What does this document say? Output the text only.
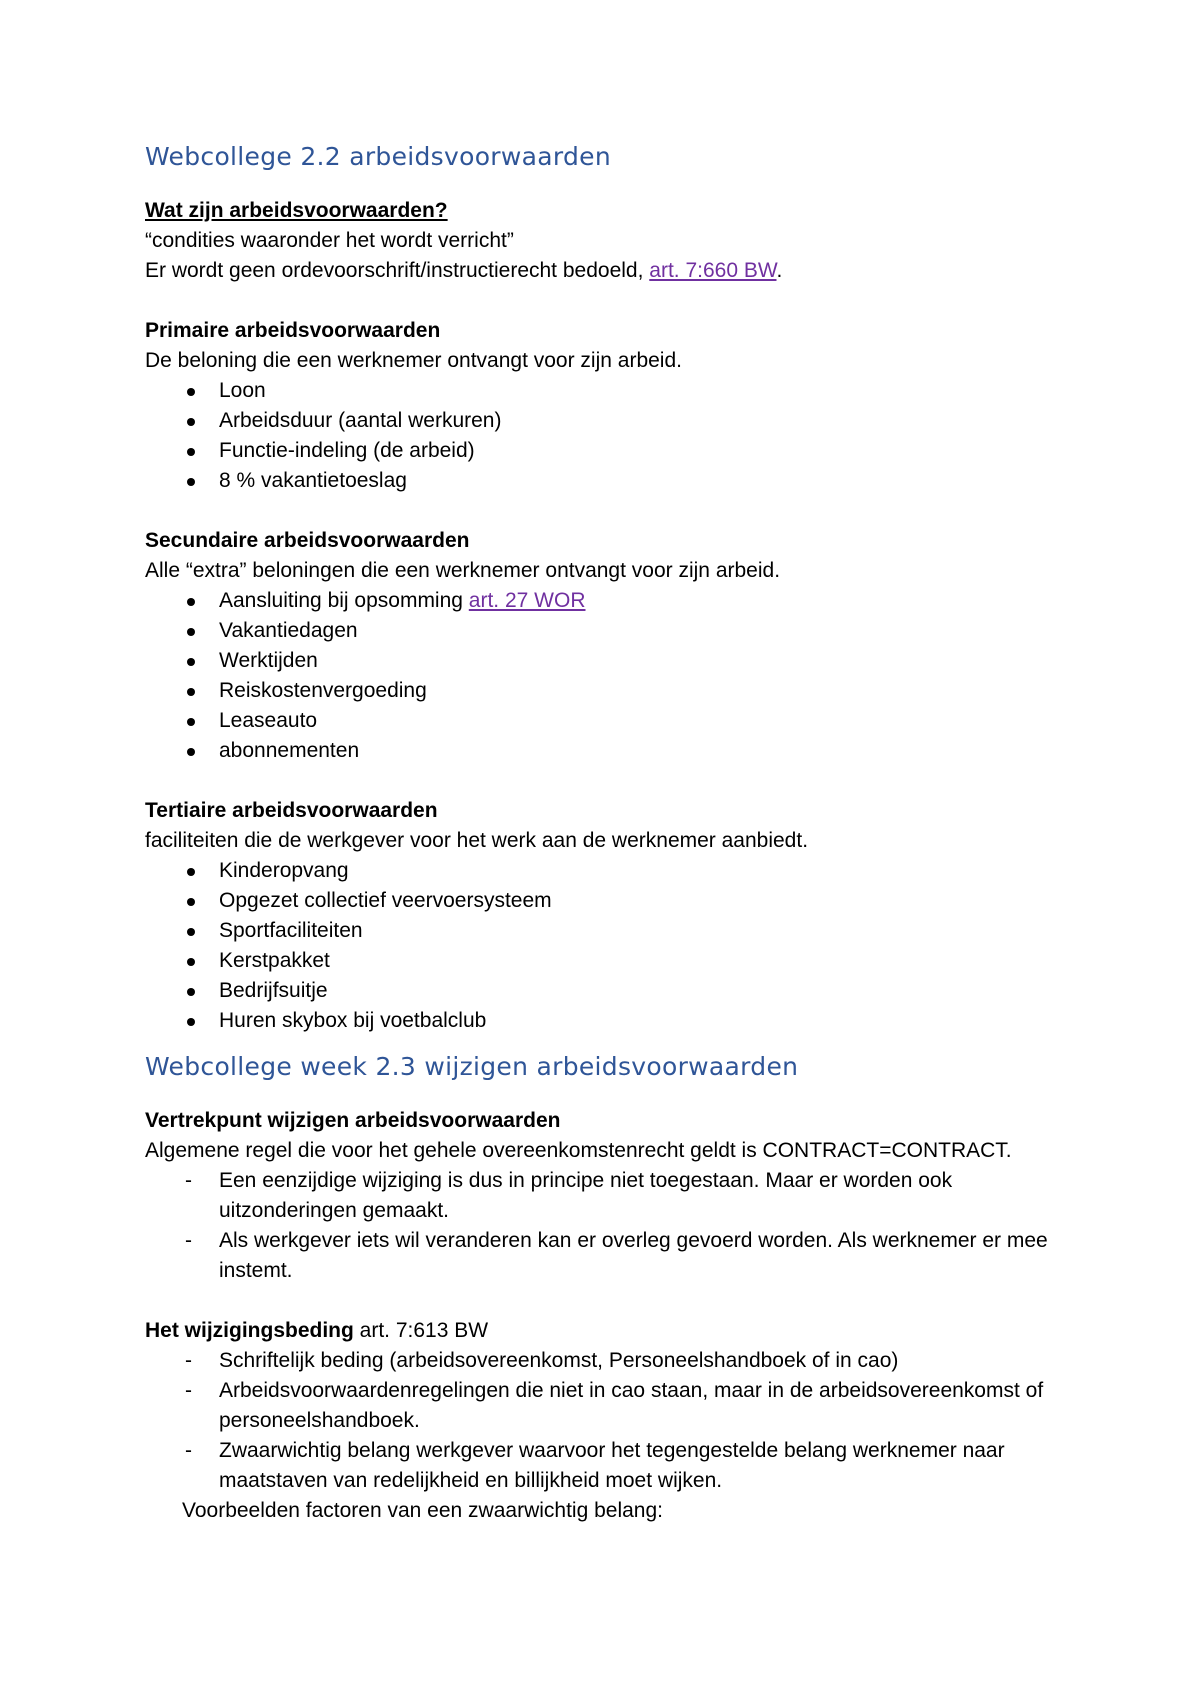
Webcollege 2.2 arbeidsvoorwaarden

Wat zijn arbeidsvoorwaarden?

“condities waaronder het wordt verricht”

Er wordt geen ordevoorschrift/instructierecht bedoeld, art. 7:660 BW.

Primaire arbeidsvoorwaarden

De beloning die een werknemer ontvangt voor zijn arbeid.

Loon
Arbeidsduur (aantal werkuren)
Functie-indeling (de arbeid)
8 % vakantietoeslag

Secundaire arbeidsvoorwaarden

Alle “extra” beloningen die een werknemer ontvangt voor zijn arbeid.

Aansluiting bij opsomming art. 27 WOR
Vakantiedagen
Werktijden
Reiskostenvergoeding
Leaseauto
abonnementen

Tertiaire arbeidsvoorwaarden

faciliteiten die de werkgever voor het werk aan de werknemer aanbiedt.

Kinderopvang
Opgezet collectief veervoersysteem
Sportfaciliteiten
Kerstpakket
Bedrijfsuitje
Huren skybox bij voetbalclub
Webcollege week 2.3 wijzigen arbeidsvoorwaarden

Vertrekpunt wijzigen arbeidsvoorwaarden

Algemene regel die voor het gehele overeenkomstenrecht geldt is CONTRACT=CONTRACT.

- Een eenzijdige wijziging is dus in principe niet toegestaan. Maar er worden ook uitzonderingen gemaakt.
- Als werkgever iets wil veranderen kan er overleg gevoerd worden. Als werknemer er mee instemt.

Het wijzigingsbeding art. 7:613 BW

- Schriftelijk beding (arbeidsovereenkomst, Personeelshandboek of in cao)
- Arbeidsvoorwaardenregelingen die niet in cao staan, maar in de arbeidsovereenkomst of personeelshandboek.
- Zwaarwichtig belang werkgever waarvoor het tegengestelde belang werknemer naar maatstaven van redelijkheid en billijkheid moet wijken.

Voorbeelden factoren van een zwaarwichtig belang:
